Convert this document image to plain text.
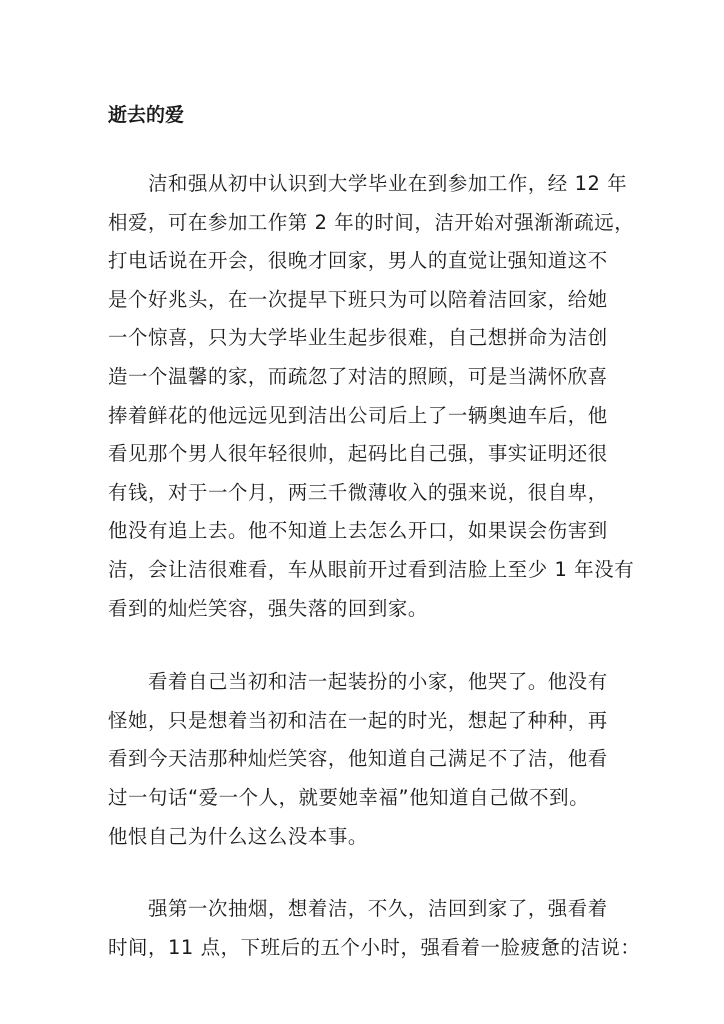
逝去的爱
洁和强从初中认识到大学毕业在到参加工作，经 12 年
相爱，可在参加工作第 2 年的时间，洁开始对强渐渐疏远，
打电话说在开会，很晚才回家，男人的直觉让强知道这不
是个好兆头，在一次提早下班只为可以陪着洁回家，给她
一个惊喜，只为大学毕业生起步很难，自己想拼命为洁创
造一个温馨的家，而疏忽了对洁的照顾，可是当满怀欣喜
捧着鲜花的他远远见到洁出公司后上了一辆奥迪车后，他
看见那个男人很年轻很帅，起码比自己强，事实证明还很
有钱，对于一个月，两三千微薄收入的强来说，很自卑，
他没有追上去。他不知道上去怎么开口，如果误会伤害到
洁，会让洁很难看，车从眼前开过看到洁脸上至少 1 年没有
看到的灿烂笑容，强失落的回到家。
看着自己当初和洁一起装扮的小家，他哭了。他没有
怪她，只是想着当初和洁在一起的时光，想起了种种，再
看到今天洁那种灿烂笑容，他知道自己满足不了洁，他看
过一句话“爱一个人，就要她幸福”他知道自己做不到。
他恨自己为什么这么没本事。
强第一次抽烟，想着洁，不久，洁回到家了，强看着
时间，11 点，下班后的五个小时，强看着一脸疲惫的洁说：
